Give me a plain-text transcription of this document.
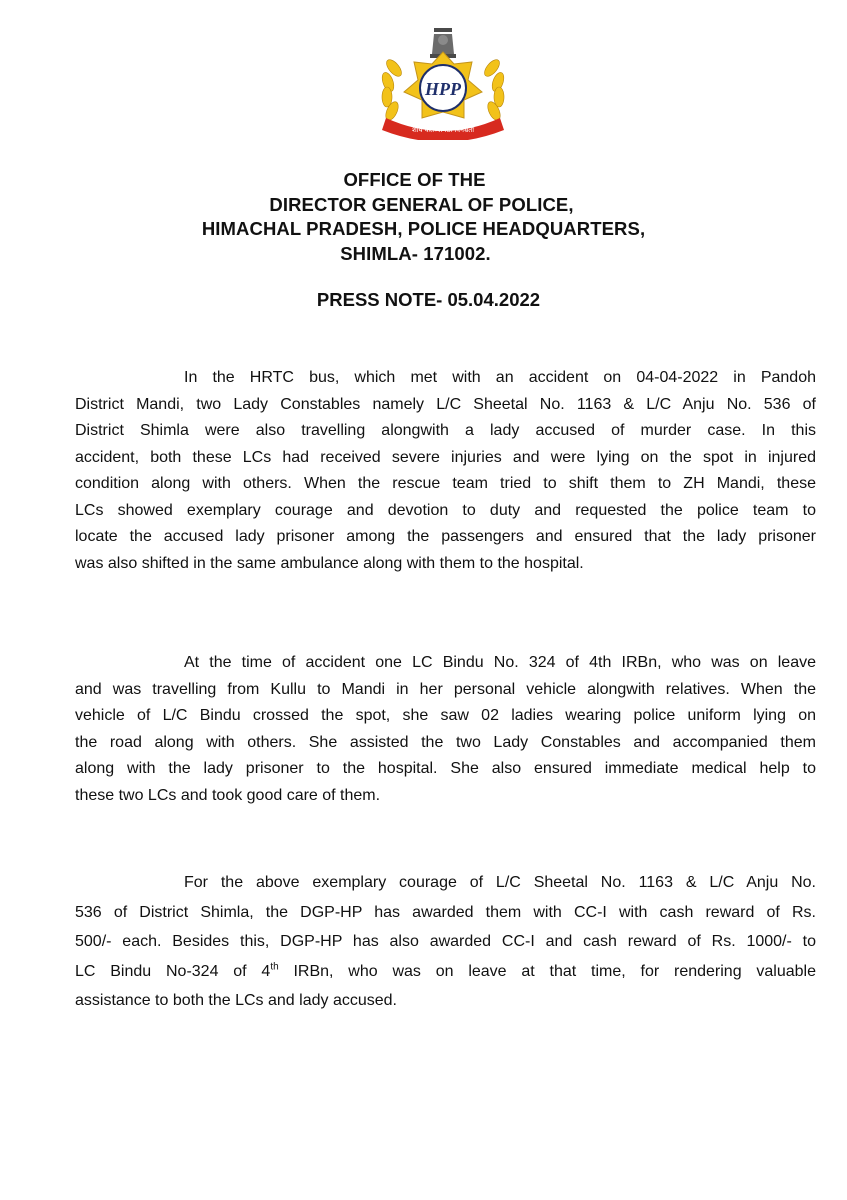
HPP
शौर्य कर्तव्यनिष्ठा विनम्रता
OFFICE OF THE
DIRECTOR GENERAL OF POLICE,
HIMACHAL PRADESH, POLICE HEADQUARTERS,
SHIMLA- 171002.
PRESS NOTE- 05.04.2022
In the HRTC bus, which met with an accident on 04-04-2022 in Pandoh
District Mandi, two Lady Constables namely L/C Sheetal No. 1163 & L/C Anju No. 536 of
District Shimla were also travelling alongwith a lady accused of murder case. In this
accident, both these LCs had received severe injuries and were lying on the spot in injured
condition along with others. When the rescue team tried to shift them to ZH Mandi, these
LCs showed exemplary courage and devotion to duty and requested the police team to
locate the accused lady prisoner among the passengers and ensured that the lady prisoner
was also shifted in the same ambulance along with them to the hospital.
At the time of accident one LC Bindu No. 324 of 4th IRBn, who was on leave
and was travelling from Kullu to Mandi in her personal vehicle alongwith relatives. When the
vehicle of L/C Bindu crossed the spot, she saw 02 ladies wearing police uniform lying on
the road along with others. She assisted the two Lady Constables and accompanied them
along with the lady prisoner to the hospital. She also ensured immediate medical help to
these two LCs and took good care of them.
For the above exemplary courage of L/C Sheetal No. 1163 & L/C Anju No.
536 of District Shimla, the DGP-HP has awarded them with CC-I with cash reward of Rs.
500/- each. Besides this, DGP-HP has also awarded CC-I and cash reward of Rs. 1000/- to
LC Bindu No-324 of 4th IRBn, who was on leave at that time, for rendering valuable
assistance to both the LCs and lady accused.
